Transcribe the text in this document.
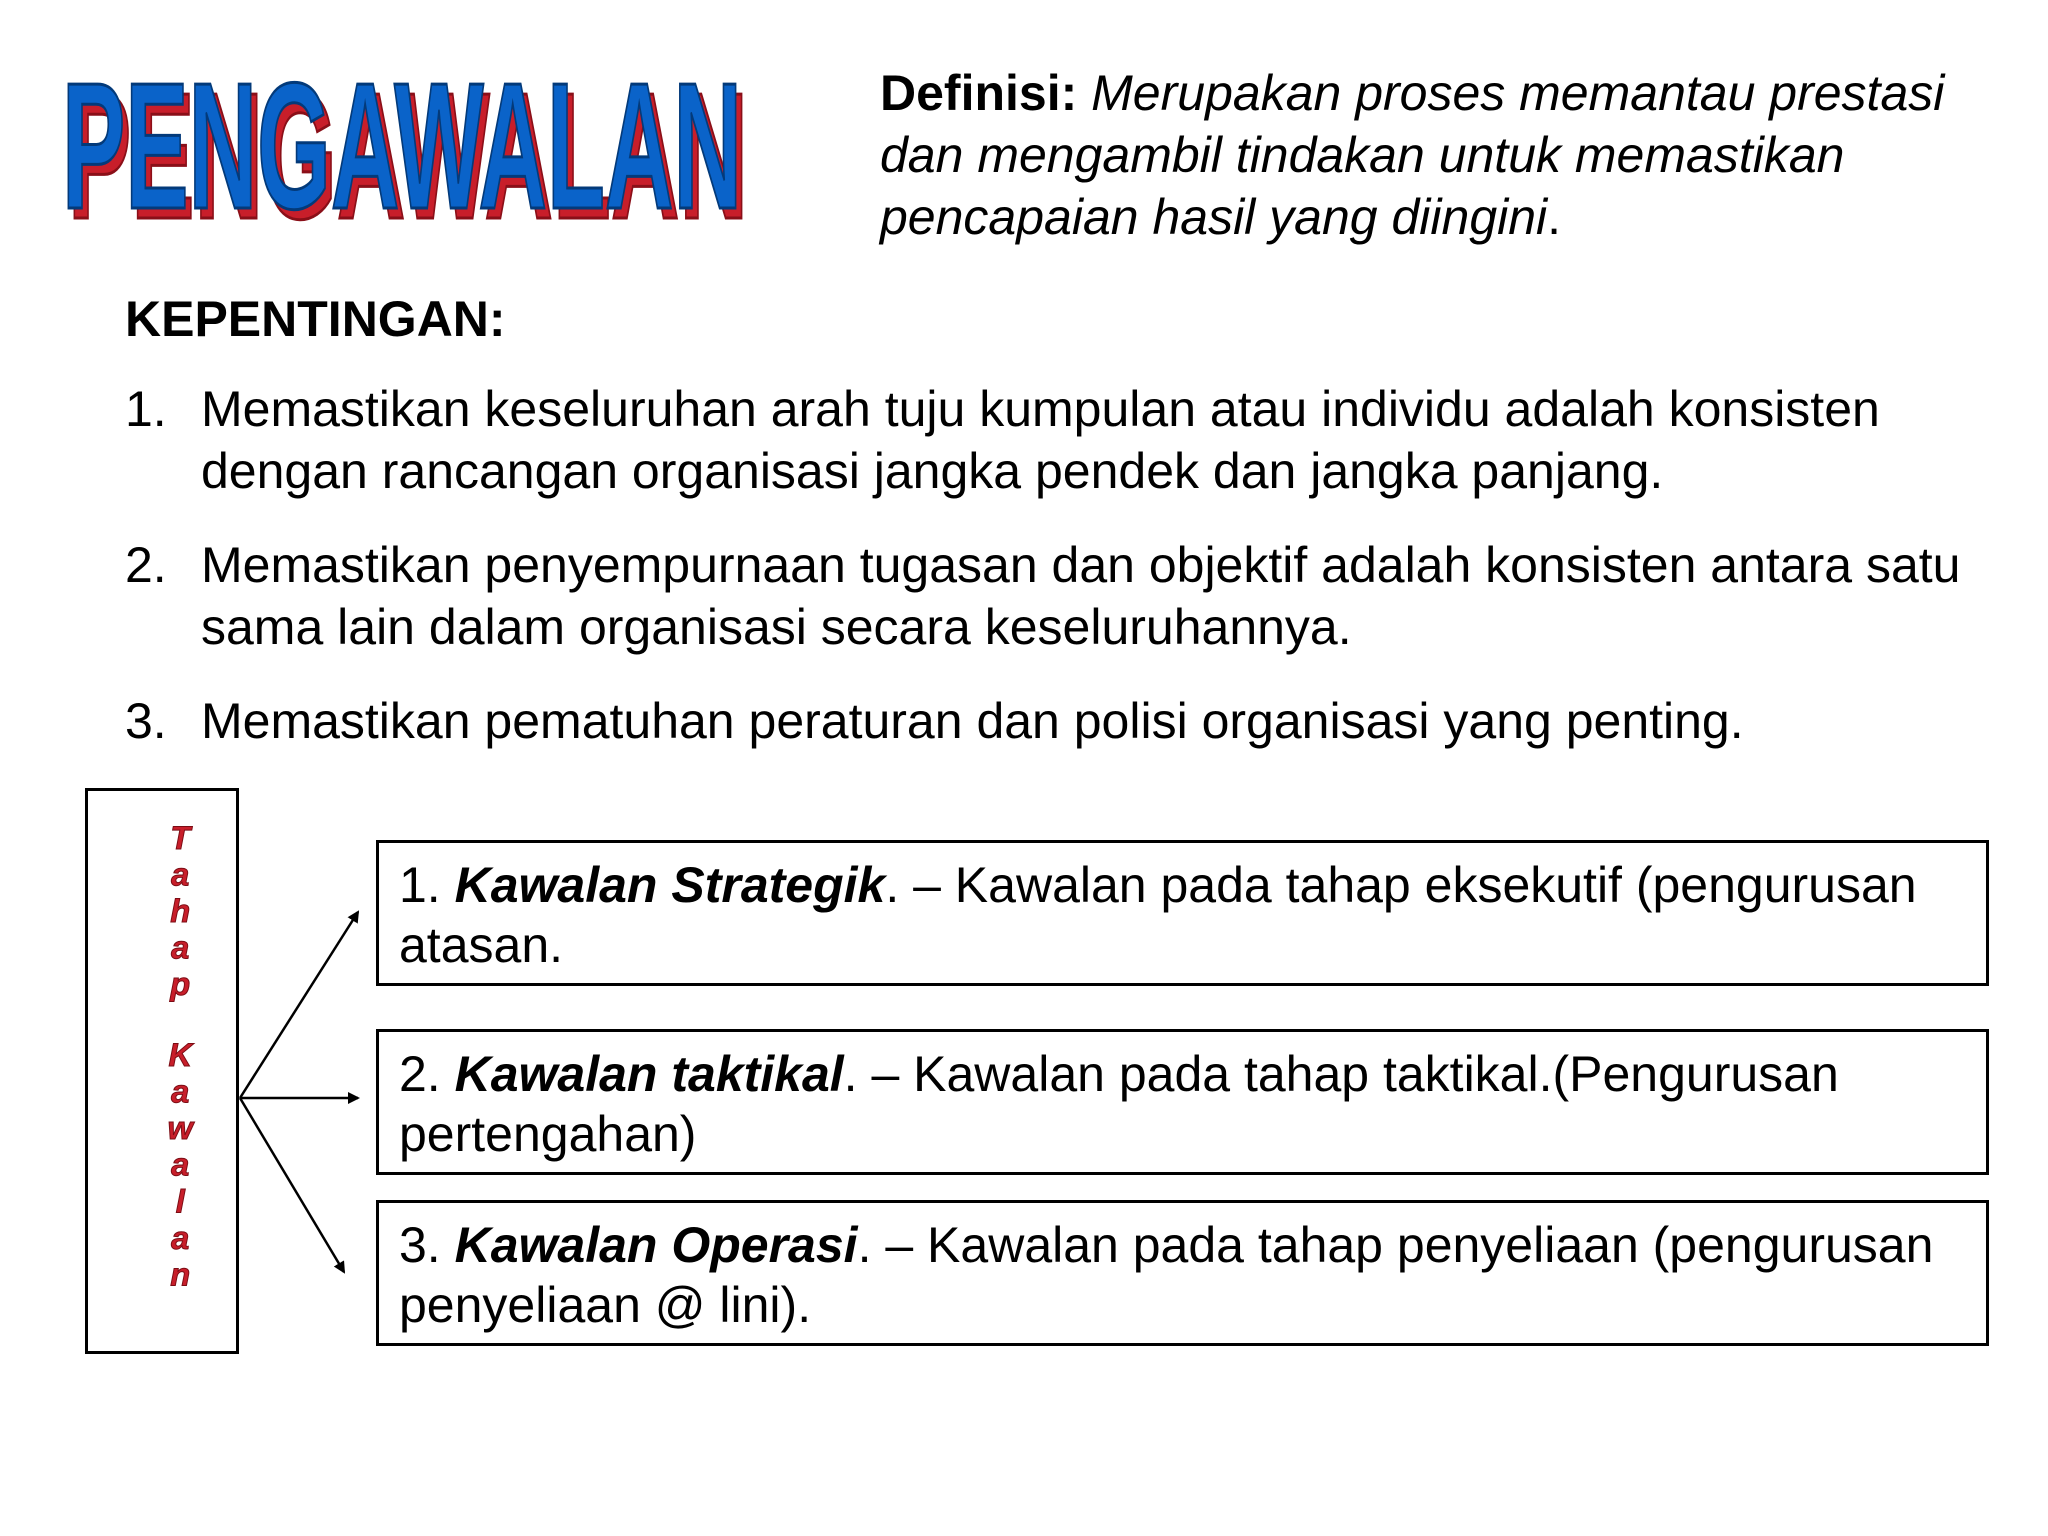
PENGAWALAN
PENGAWALAN	Definisi: Merupakan proses memantau prestasi dan mengambil tindakan untuk memastikan pencapaian hasil yang diingini.
KEPENTINGAN:
1. Memastikan keseluruhan arah tuju kumpulan atau individu adalah konsisten dengan rancangan organisasi jangka pendek dan jangka panjang.
2. Memastikan penyempurnaan tugasan dan objektif adalah konsisten antara satu sama lain dalam organisasi secara keseluruhannya.
3. Memastikan pematuhan peraturan dan polisi organisasi yang penting.
T
a
h
a
p
K
a
w
a
l
a
n
1. Kawalan Strategik. – Kawalan pada tahap eksekutif (pengurusan atasan.
2. Kawalan taktikal. – Kawalan pada tahap taktikal.(Pengurusan pertengahan)
3. Kawalan Operasi. – Kawalan pada tahap penyeliaan (pengurusan penyeliaan @ lini).
